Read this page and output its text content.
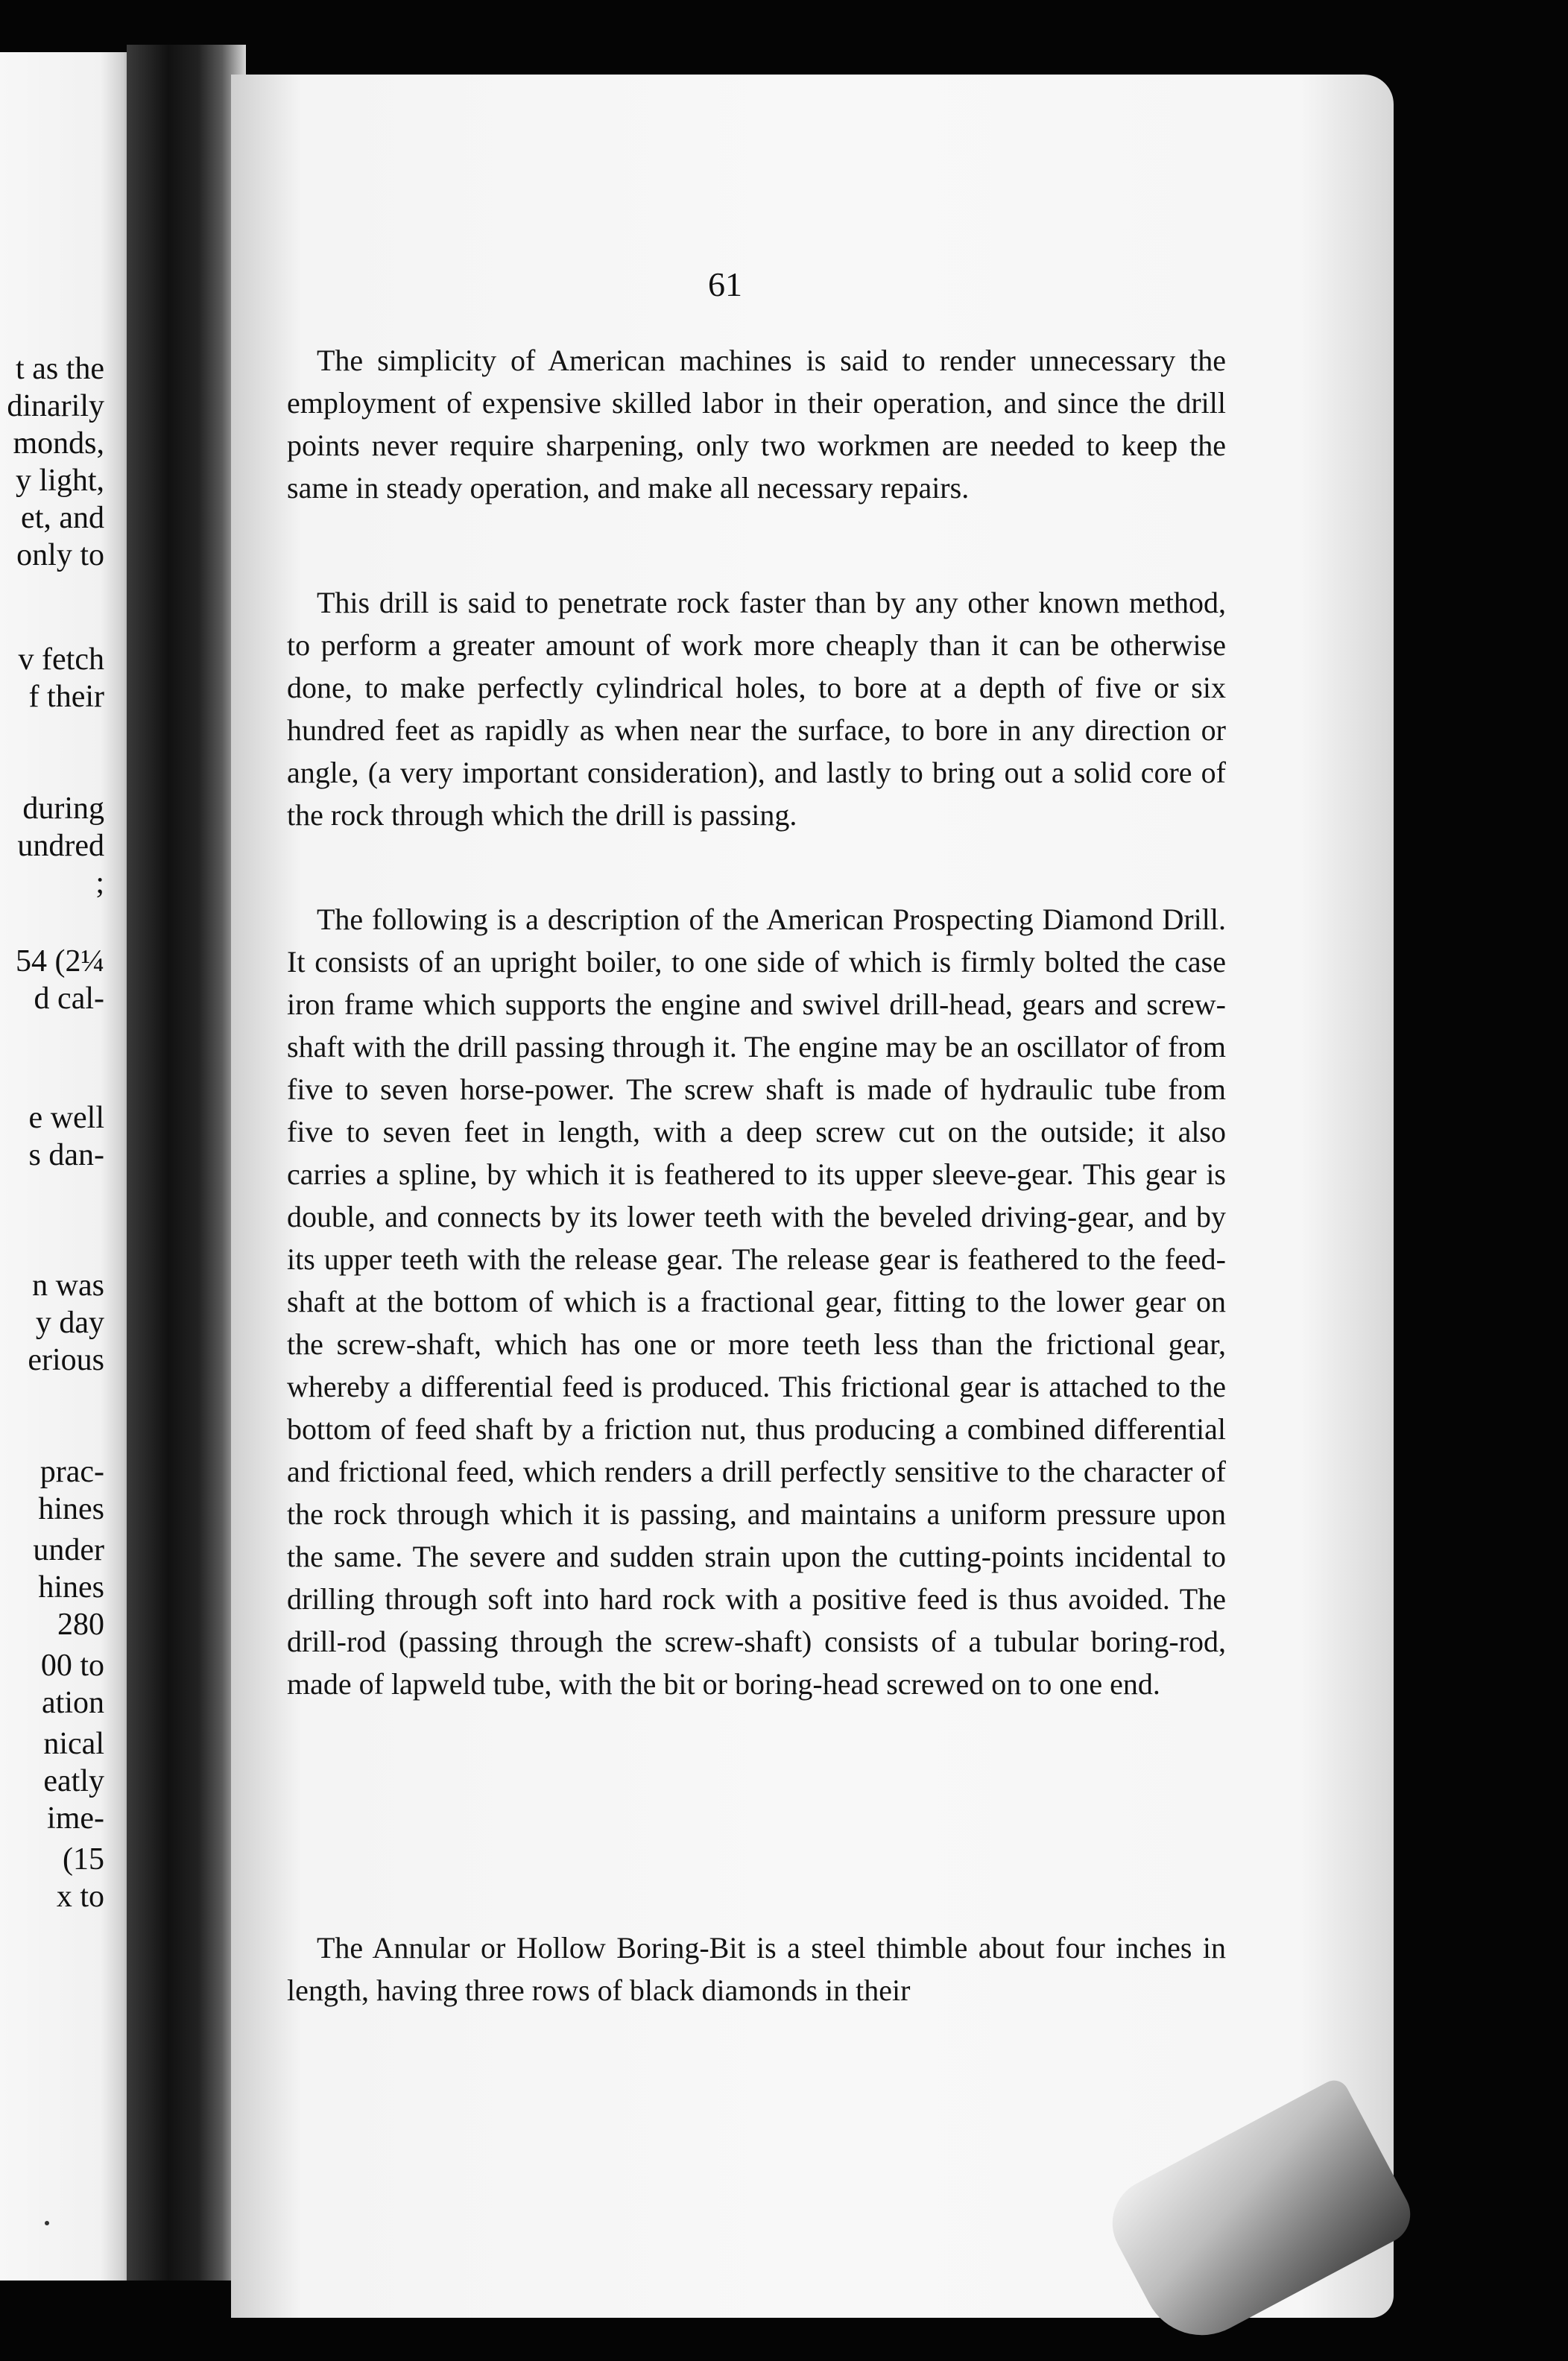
t as the
dinarily
monds,
y light,
et, and
only to
v fetch
f their
during
undred
;
54 (2¼
d cal-
e well
s dan-
n was
y day
erious
prac-
hines
under
hines
280
00 to
ation
nical
eatly
ime-
(15
x to
61

The simplicity of American machines is said to render unnecessary the employment of expensive skilled labor in their operation, and since the drill points never require sharpening, only two workmen are needed to keep the same in steady operation, and make all necessary repairs.

This drill is said to penetrate rock faster than by any other known method, to perform a greater amount of work more cheaply than it can be otherwise done, to make perfectly cylindrical holes, to bore at a depth of five or six hundred feet as rapidly as when near the surface, to bore in any direction or angle, (a very important consideration), and lastly to bring out a solid core of the rock through which the drill is passing.

The following is a description of the American Prospecting Diamond Drill. It consists of an upright boiler, to one side of which is firmly bolted the case iron frame which supports the engine and swivel drill-head, gears and screw-shaft with the drill passing through it. The engine may be an oscillator of from five to seven horse-power. The screw shaft is made of hydraulic tube from five to seven feet in length, with a deep screw cut on the outside; it also carries a spline, by which it is feathered to its upper sleeve-gear. This gear is double, and connects by its lower teeth with the beveled driving-gear, and by its upper teeth with the release gear. The release gear is feathered to the feed-shaft at the bottom of which is a fractional gear, fitting to the lower gear on the screw-shaft, which has one or more teeth less than the frictional gear, whereby a differential feed is produced. This frictional gear is attached to the bottom of feed shaft by a friction nut, thus producing a combined differential and frictional feed, which renders a drill perfectly sensitive to the character of the rock through which it is passing, and maintains a uniform pressure upon the same. The severe and sudden strain upon the cutting-points incidental to drilling through soft into hard rock with a positive feed is thus avoided. The drill-rod (passing through the screw-shaft) consists of a tubular boring-rod, made of lapweld tube, with the bit or boring-head screwed on to one end.

The Annular or Hollow Boring-Bit is a steel thimble about four inches in length, having three rows of black diamonds in their
